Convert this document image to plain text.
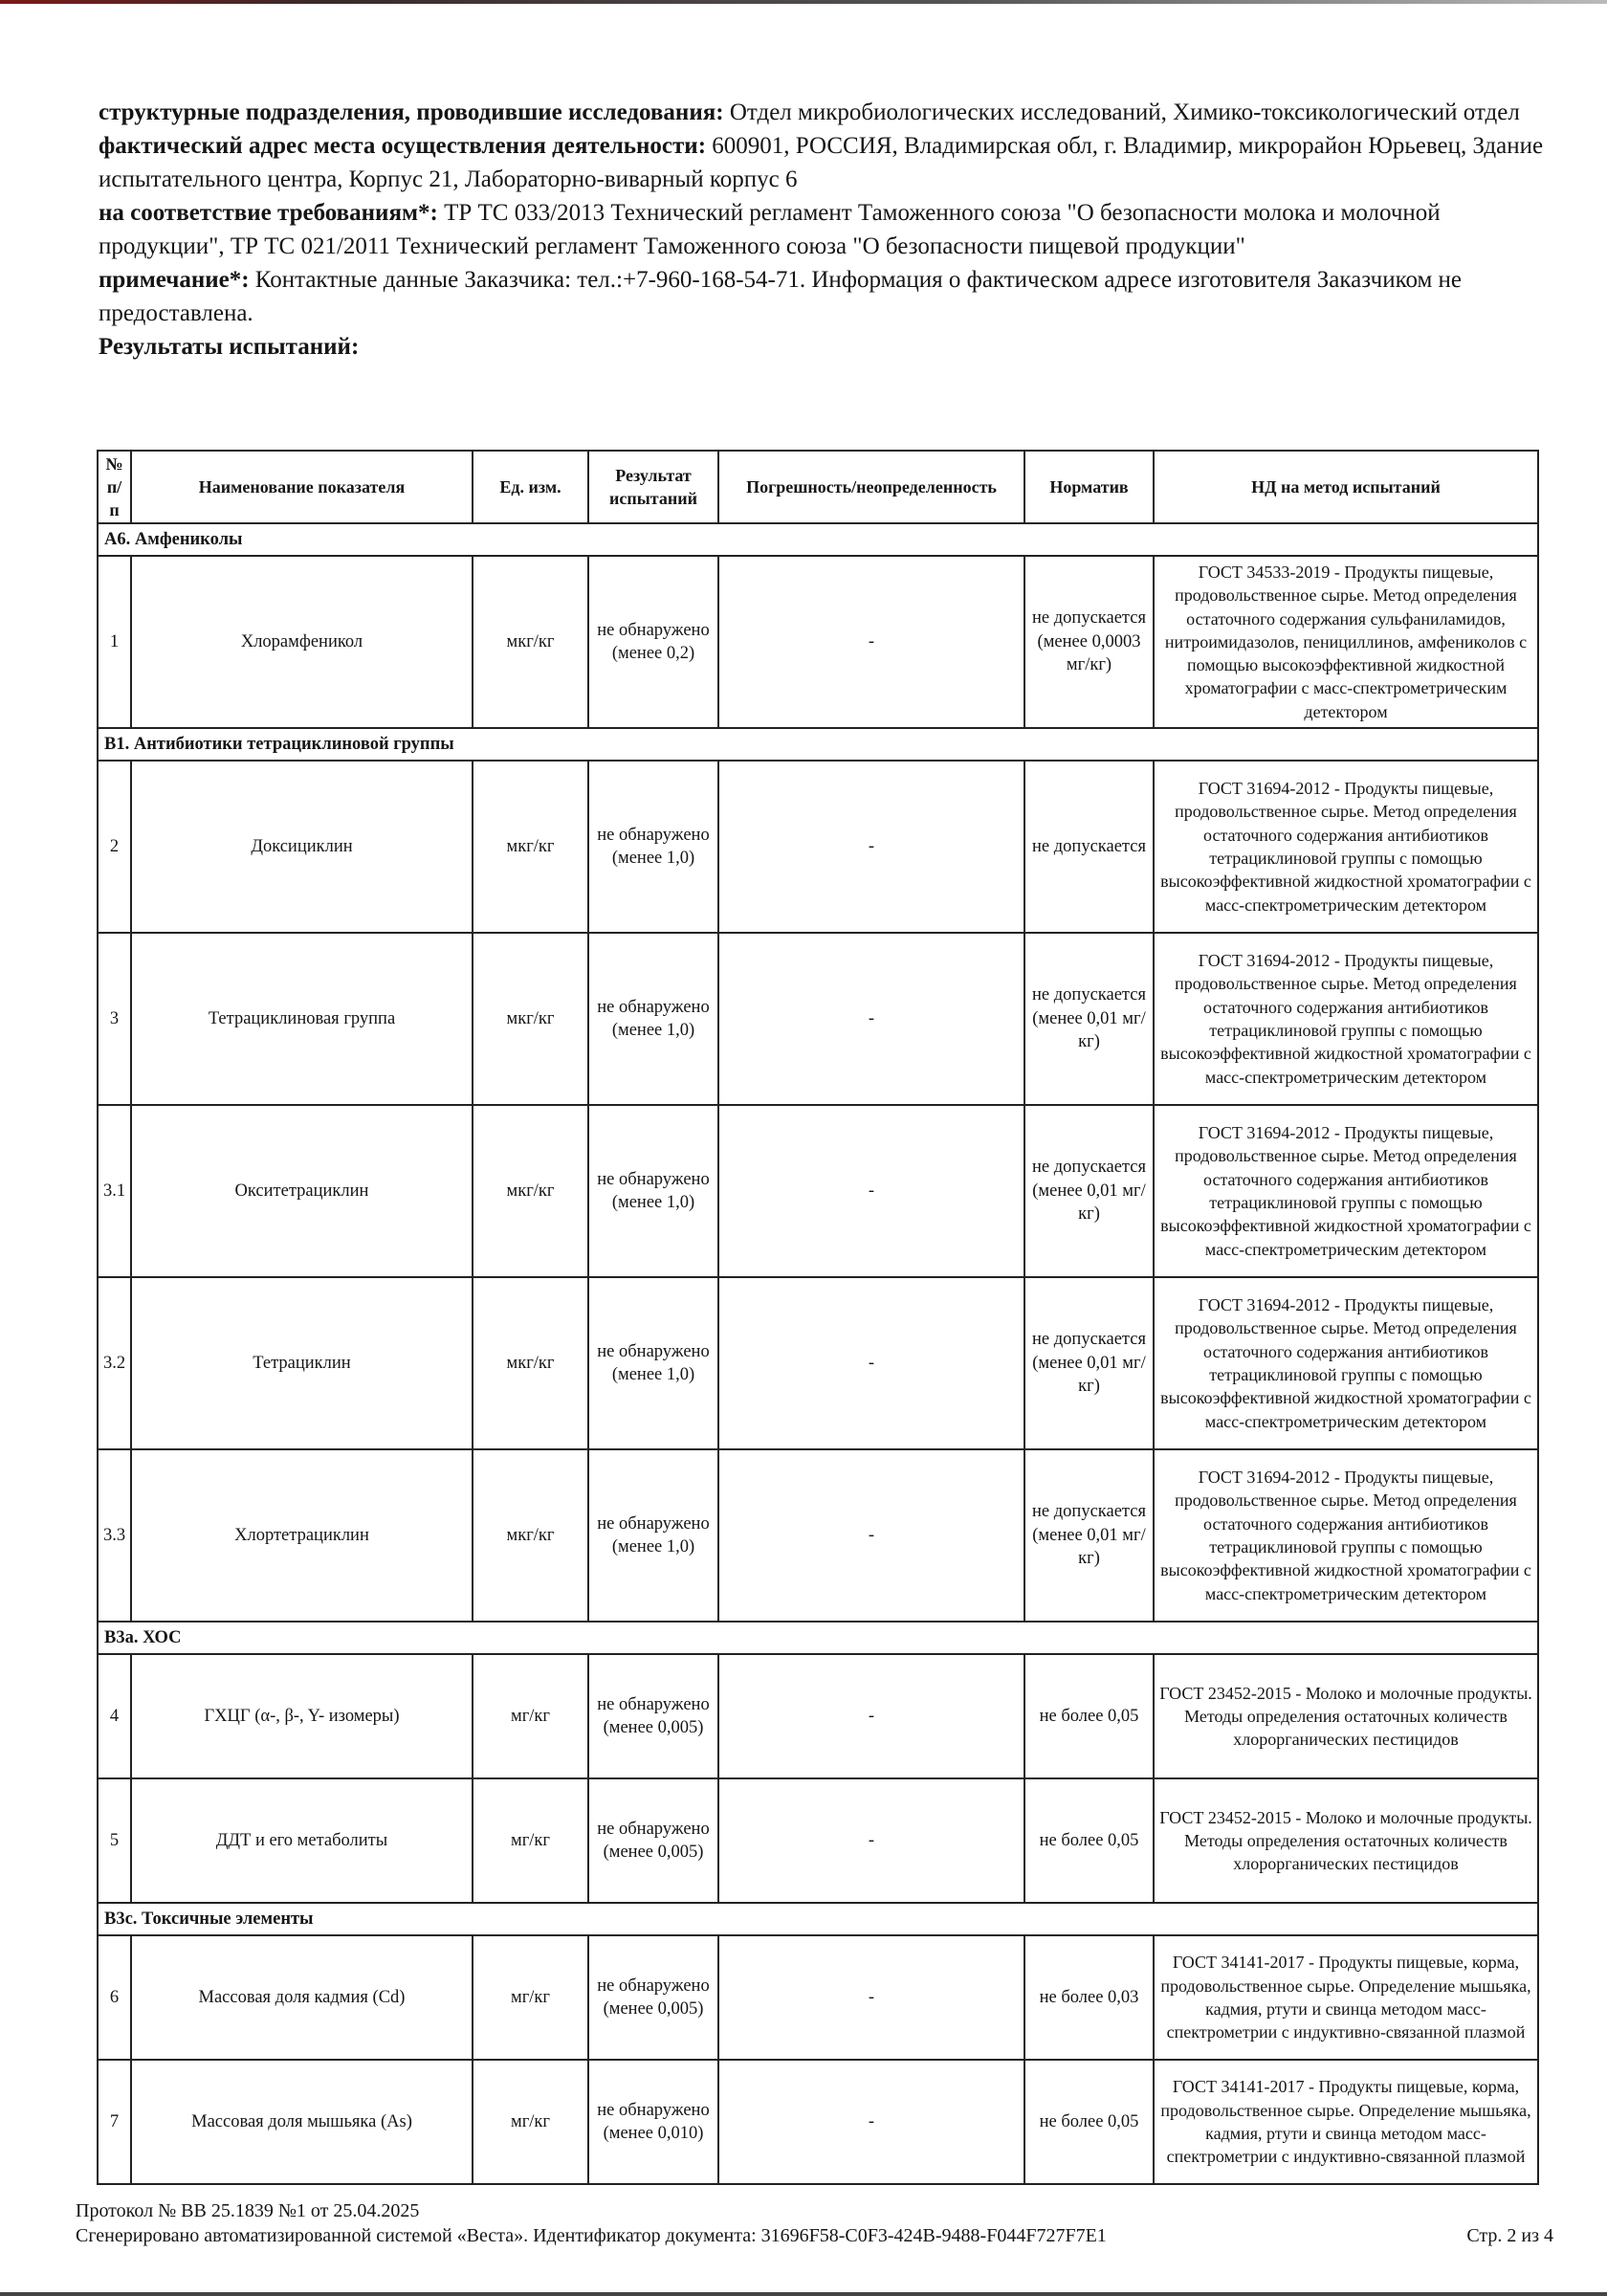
структурные подразделения, проводившие исследования: Отдел микробиологических исследований, Химико-токсикологический отдел

фактический адрес места осуществления деятельности: 600901, РОССИЯ, Владимирская обл, г. Владимир, микрорайон Юрьевец, Здание испытательного центра, Корпус 21, Лабораторно-виварный корпус 6

на соответствие требованиям*: ТР ТС 033/2013 Технический регламент Таможенного союза "О безопасности молока и молочной продукции", ТР ТС 021/2011 Технический регламент Таможенного союза "О безопасности пищевой продукции"

примечание*: Контактные данные Заказчика: тел.:+7-960-168-54-71. Информация о фактическом адресе изготовителя Заказчиком не предоставлена.

Результаты испытаний:

№ п/п	Наименование показателя	Ед. изм.	Результат испытаний	Погрешность/неопределенность	Норматив	НД на метод испытаний
А6. Амфениколы						
1	Хлорамфеникол	мкг/кг	не обнаружено (менее 0,2)	-	не допускается (менее 0,0003 мг/кг)	ГОСТ 34533-2019 - Продукты пищевые, продовольственное сырье. Метод определения остаточного содержания сульфаниламидов, нитроимидазолов, пенициллинов, амфениколов с помощью высокоэффективной жидкостной хроматографии с масс-спектрометрическим детектором
В1. Антибиотики тетрациклиновой группы						
2	Доксициклин	мкг/кг	не обнаружено (менее 1,0)	-	не допускается	ГОСТ 31694-2012 - Продукты пищевые, продовольственное сырье. Метод определения остаточного содержания антибиотиков тетрациклиновой группы с помощью высокоэффективной жидкостной хроматографии с масс-спектрометрическим детектором
3	Тетрациклиновая группа	мкг/кг	не обнаружено (менее 1,0)	-	не допускается (менее 0,01 мг/кг)	ГОСТ 31694-2012 - Продукты пищевые, продовольственное сырье. Метод определения остаточного содержания антибиотиков тетрациклиновой группы с помощью высокоэффективной жидкостной хроматографии с масс-спектрометрическим детектором
3.1	Окситетрациклин	мкг/кг	не обнаружено (менее 1,0)	-	не допускается (менее 0,01 мг/кг)	ГОСТ 31694-2012 - Продукты пищевые, продовольственное сырье. Метод определения остаточного содержания антибиотиков тетрациклиновой группы с помощью высокоэффективной жидкостной хроматографии с масс-спектрометрическим детектором
3.2	Тетрациклин	мкг/кг	не обнаружено (менее 1,0)	-	не допускается (менее 0,01 мг/кг)	ГОСТ 31694-2012 - Продукты пищевые, продовольственное сырье. Метод определения остаточного содержания антибиотиков тетрациклиновой группы с помощью высокоэффективной жидкостной хроматографии с масс-спектрометрическим детектором
3.3	Хлортетрациклин	мкг/кг	не обнаружено (менее 1,0)	-	не допускается (менее 0,01 мг/кг)	ГОСТ 31694-2012 - Продукты пищевые, продовольственное сырье. Метод определения остаточного содержания антибиотиков тетрациклиновой группы с помощью высокоэффективной жидкостной хроматографии с масс-спектрометрическим детектором
В3а. ХОС						
4	ГХЦГ (α-, β-, Υ- изомеры)	мг/кг	не обнаружено (менее 0,005)	-	не более 0,05	ГОСТ 23452-2015 - Молоко и молочные продукты. Методы определения остаточных количеств хлорорганических пестицидов
5	ДДТ и его метаболиты	мг/кг	не обнаружено (менее 0,005)	-	не более 0,05	ГОСТ 23452-2015 - Молоко и молочные продукты. Методы определения остаточных количеств хлорорганических пестицидов
В3с. Токсичные элементы						
6	Массовая доля кадмия (Cd)	мг/кг	не обнаружено (менее 0,005)	-	не более 0,03	ГОСТ 34141-2017 - Продукты пищевые, корма, продовольственное сырье. Определение мышьяка, кадмия, ртути и свинца методом масс-спектрометрии с индуктивно-связанной плазмой
7	Массовая доля мышьяка (As)	мг/кг	не обнаружено (менее 0,010)	-	не более 0,05	ГОСТ 34141-2017 - Продукты пищевые, корма, продовольственное сырье. Определение мышьяка, кадмия, ртути и свинца методом масс-спектрометрии с индуктивно-связанной плазмой
Протокол № ВВ 25.1839 №1 от 25.04.2025
Сгенерировано автоматизированной системой «Веста». Идентификатор документа: 31696F58-C0F3-424B-9488-F044F727F7E1	Стр. 2 из 4
